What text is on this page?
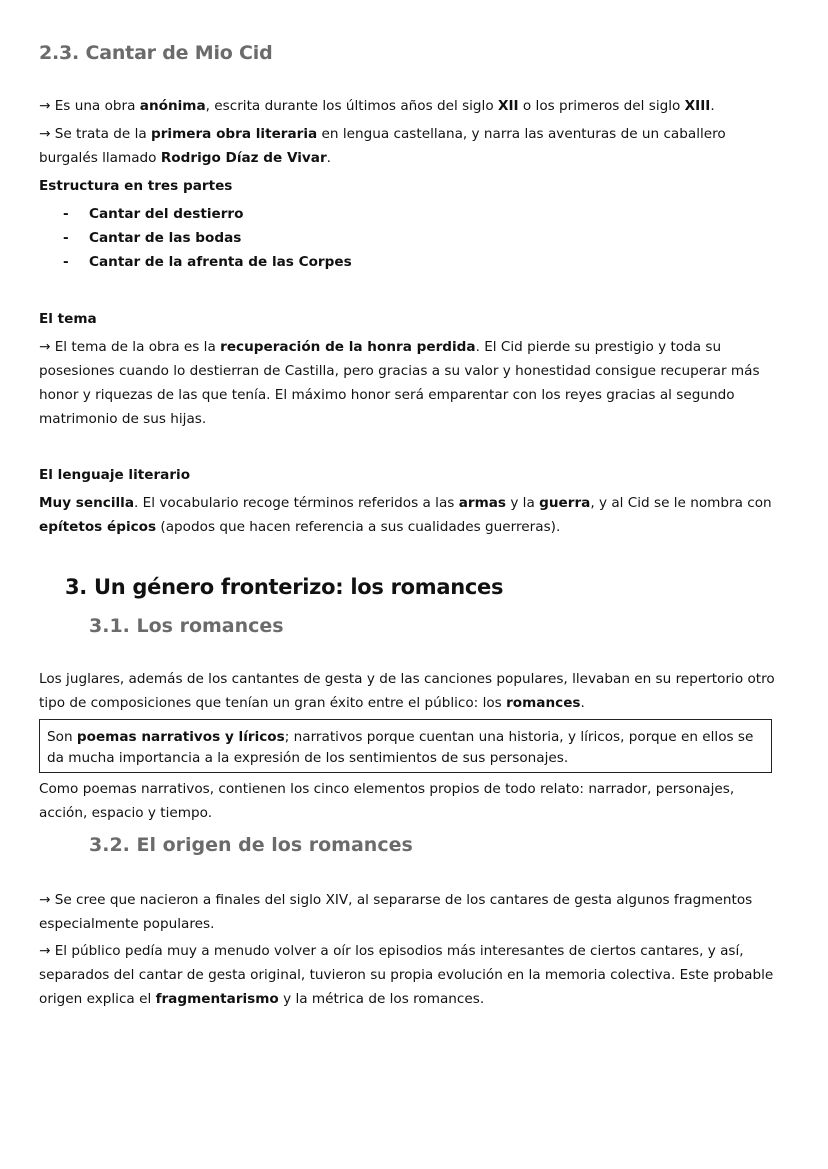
2.3. Cantar de Mio Cid
→ Es una obra anónima, escrita durante los últimos años del siglo XII o los primeros del siglo XIII.
→ Se trata de la primera obra literaria en lengua castellana, y narra las aventuras de un caballero burgalés llamado Rodrigo Díaz de Vivar.
Estructura en tres partes
-	Cantar del destierro
-	Cantar de las bodas
-	Cantar de la afrenta de las Corpes
El tema
→ El tema de la obra es la recuperación de la honra perdida. El Cid pierde su prestigio y toda su posesiones cuando lo destierran de Castilla, pero gracias a su valor y honestidad consigue recuperar más honor y riquezas de las que tenía. El máximo honor será emparentar con los reyes gracias al segundo matrimonio de sus hijas.
El lenguaje literario
Muy sencilla. El vocabulario recoge términos referidos a las armas y la guerra, y al Cid se le nombra con epítetos épicos (apodos que hacen referencia a sus cualidades guerreras).
3. Un género fronterizo: los romances
3.1. Los romances
Los juglares, además de los cantantes de gesta y de las canciones populares, llevaban en su repertorio otro tipo de composiciones que tenían un gran éxito entre el público: los romances.
Son poemas narrativos y líricos; narrativos porque cuentan una historia, y líricos, porque en ellos se da mucha importancia a la expresión de los sentimientos de sus personajes.
Como poemas narrativos, contienen los cinco elementos propios de todo relato: narrador, personajes, acción, espacio y tiempo.
3.2. El origen de los romances
→ Se cree que nacieron a finales del siglo XIV, al separarse de los cantares de gesta algunos fragmentos especialmente populares.
→ El público pedía muy a menudo volver a oír los episodios más interesantes de ciertos cantares, y así, separados del cantar de gesta original, tuvieron su propia evolución en la memoria colectiva. Este probable origen explica el fragmentarismo y la métrica de los romances.
